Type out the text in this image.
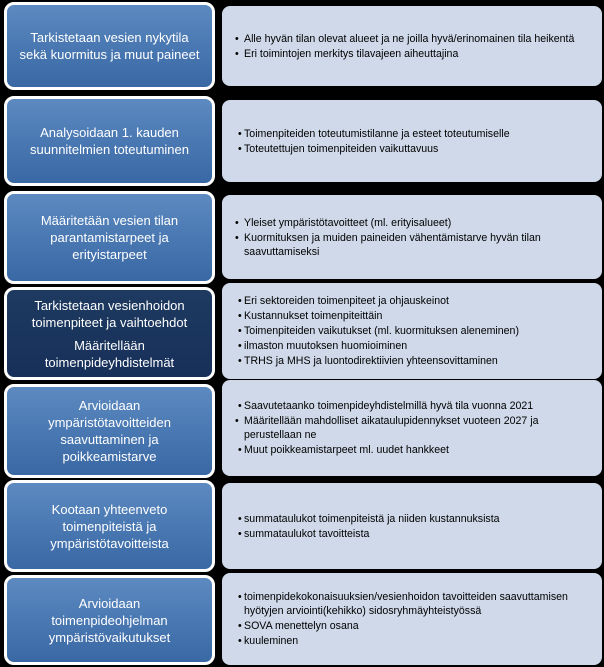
Tarkistetaan vesien nykytila
sekä kuormitus ja muut paineet
• Alle hyvän tilan olevat alueet ja ne joilla hyvä/erinomainen tila heikentä
• Eri toimintojen merkitys tilavajeen aiheuttajina
Analysoidaan 1. kauden
suunnitelmien toteutuminen
• Toimenpiteiden toteutumistilanne ja esteet toteutumiselle
• Toteutettujen toimenpiteiden vaikuttavuus
Määritetään vesien tilan
parantamistarpeet ja
erityistarpeet
• Yleiset ympäristötavoitteet (ml. erityisalueet)
• Kuormituksen ja muiden paineiden vähentämistarve hyvän tilan saavuttamiseksi
Tarkistetaan vesienhoidon
toimenpiteet ja vaihtoehdot
Määritellään
toimenpideyhdistelmät
• Eri sektoreiden toimenpiteet ja ohjauskeinot
• Kustannukset toimenpiteittäin
• Toimenpiteiden vaikutukset (ml. kuormituksen aleneminen)
• ilmaston muutoksen huomioiminen
• TRHS ja MHS ja luontodirektiivien yhteensovittaminen
Arvioidaan
ympäristötavoitteiden
saavuttaminen ja
poikkeamistarve
• Saavutetaanko toimenpideyhdistelmillä hyvä tila vuonna 2021
• Määritellään mahdolliset aikataulupidennykset vuoteen 2027 ja perustellaan ne
• Muut poikkeamistarpeet ml. uudet hankkeet
Kootaan yhteenveto
toimenpiteistä ja
ympäristötavoitteista
• summataulukot toimenpiteistä ja niiden kustannuksista
• summataulukot tavoitteista
Arvioidaan
toimenpideohjelman
ympäristövaikutukset
• toimenpidekokonaisuuksien/vesienhoidon tavoitteiden saavuttamisen hyötyjen arviointi(kehikko) sidosryhmäyhteistyössä
• SOVA menettelyn osana
• kuuleminen
